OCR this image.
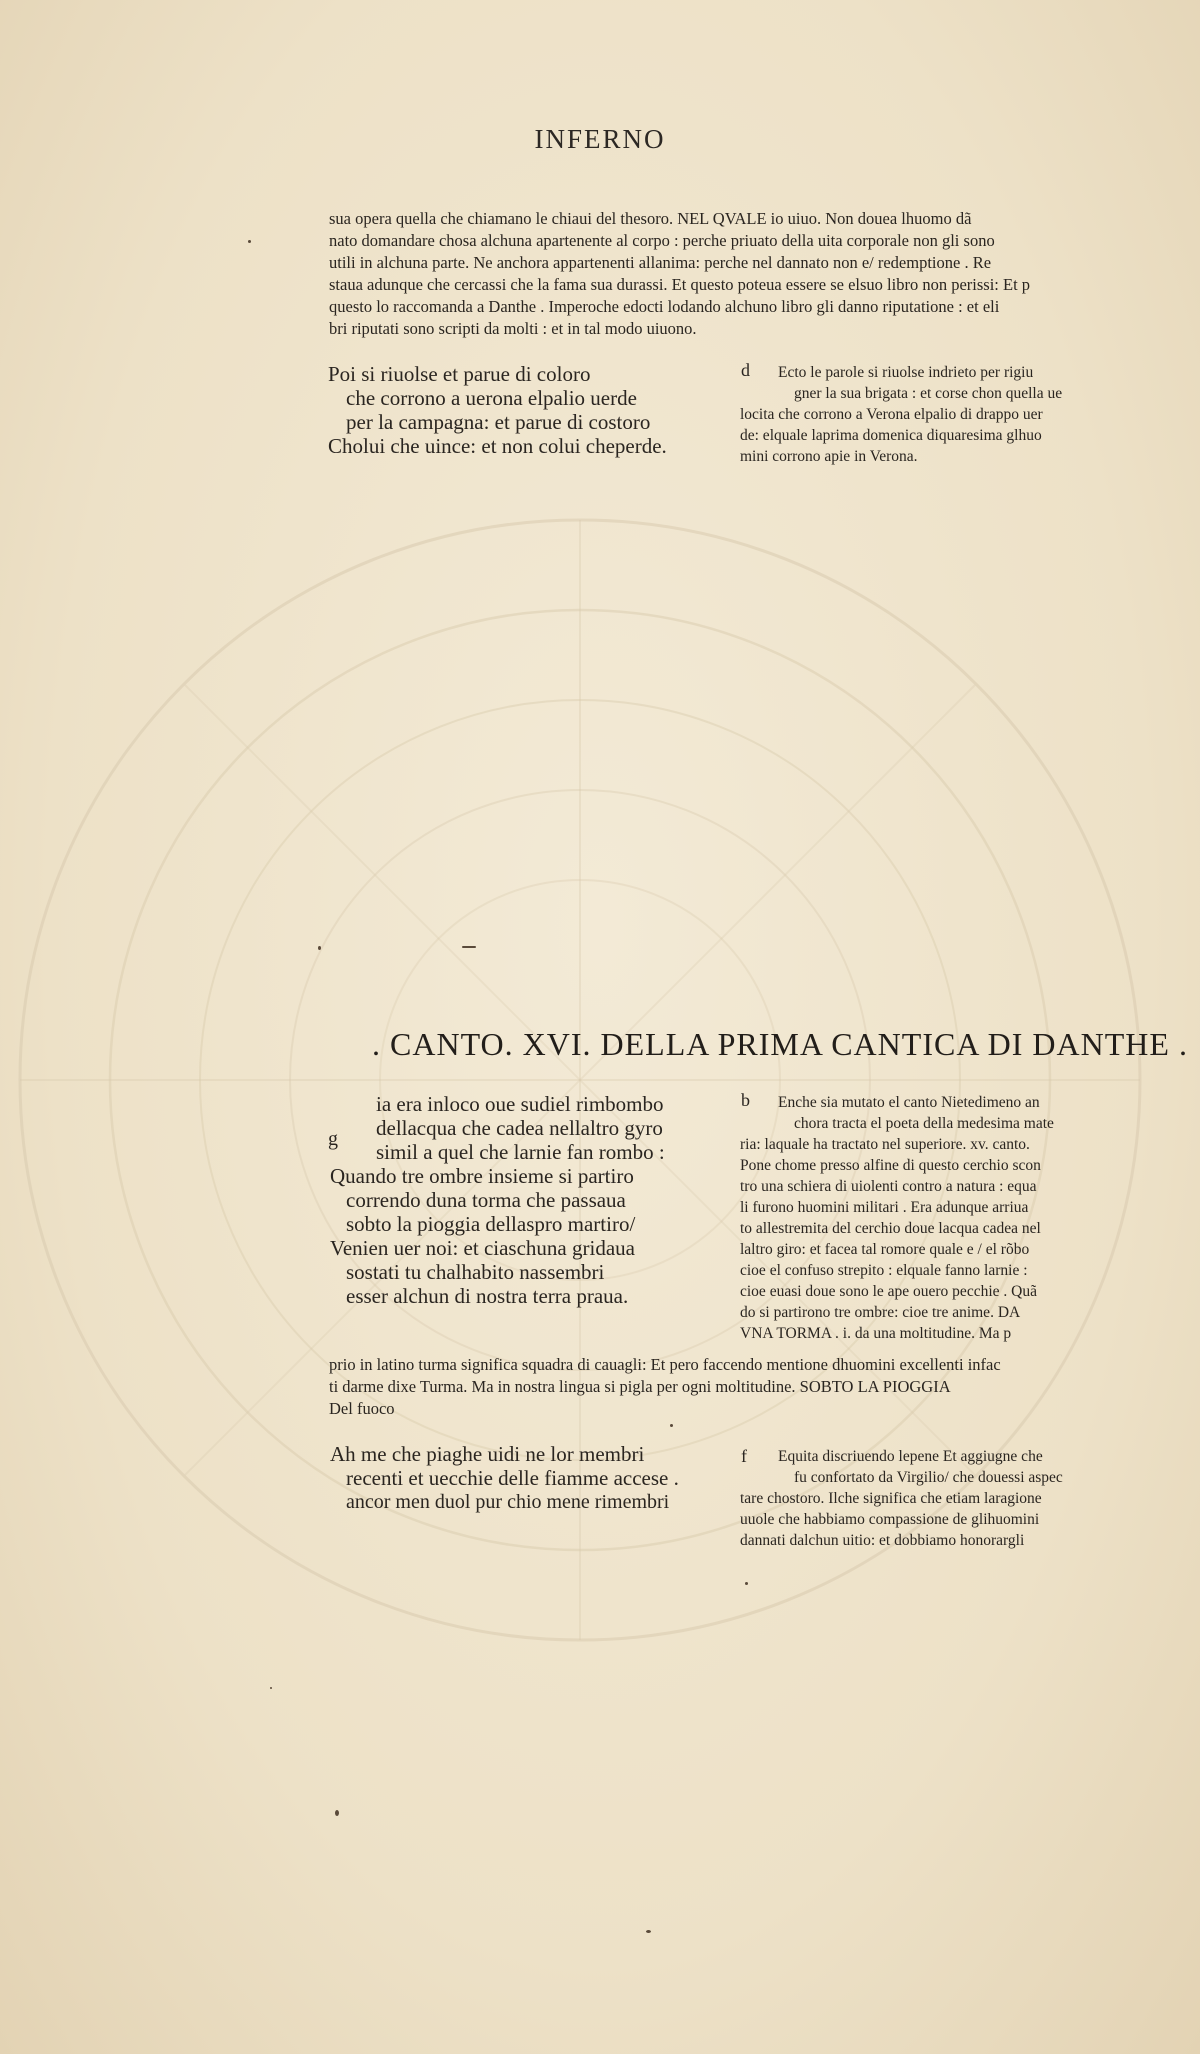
INFERNO
sua opera quella che chiamano le chiaui del thesoro. NEL QVALE io uiuo. Non douea lhuomo dã
nato domandare chosa alchuna apartenente al corpo : perche priuato della uita corporale non gli sono
utili in alchuna parte. Ne anchora appartenenti allanima: perche nel dannato non e/ redemptione . Re
staua adunque che cercassi che la fama sua durassi. Et questo poteua essere se elsuo libro non perissi: Et p
questo lo raccomanda a Danthe . Imperoche edocti lodando alchuno libro gli danno riputatione : et eli
bri riputati sono scripti da molti : et in tal modo uiuono.
Poi si riuolse et parue di coloro
che corrono a uerona elpalio uerde
per la campagna: et parue di costoro
Cholui che uince: et non colui cheperde.
d Ecto le parole si riuolse indrieto per rigiu
gner la sua brigata : et corse chon quella ue
locita che corrono a Verona elpalio di drappo uer
de: elquale laprima domenica diquaresima glhuo
mini corrono apie in Verona.
. CANTO. XVI. DELLA PRIMA CANTICA DI DANTHE .
g
ia era inloco oue sudiel rimbombo
dellacqua che cadea nellaltro gyro
simil a quel che larnie fan rombo :
Quando tre ombre insieme si partiro
correndo duna torma che passaua
sobto la pioggia dellaspro martiro/
Venien uer noi: et ciaschuna gridaua
sostati tu chalhabito nassembri
esser alchun di nostra terra praua.
b Enche sia mutato el canto Nietedimeno an
chora tracta el poeta della medesima mate
ria: laquale ha tractato nel superiore. xv. canto.
Pone chome presso alfine di questo cerchio scon
tro una schiera di uiolenti contro a natura : equa
li furono huomini militari . Era adunque arriua
to allestremita del cerchio doue lacqua cadea nel
laltro giro: et facea tal romore quale e / el rõbo
cioe el confuso strepito : elquale fanno larnie :
cioe euasi doue sono le ape ouero pecchie . Quã
do si partirono tre ombre: cioe tre anime. DA
VNA TORMA . i. da una moltitudine. Ma p
prio in latino turma significa squadra di cauagli: Et pero faccendo mentione dhuomini excellenti infac
ti darme dixe Turma. Ma in nostra lingua si pigla per ogni moltitudine. SOBTO LA PIOGGIA
Del fuoco
Ah me che piaghe uidi ne lor membri
recenti et uecchie delle fiamme accese .
ancor men duol pur chio mene rimembri
f Equita discriuendo lepene Et aggiugne che
fu confortato da Virgilio/ che douessi aspec
tare chostoro. Ilche significa che etiam laragione
uuole che habbiamo compassione de glihuomini
dannati dalchun uitio: et dobbiamo honorargli
